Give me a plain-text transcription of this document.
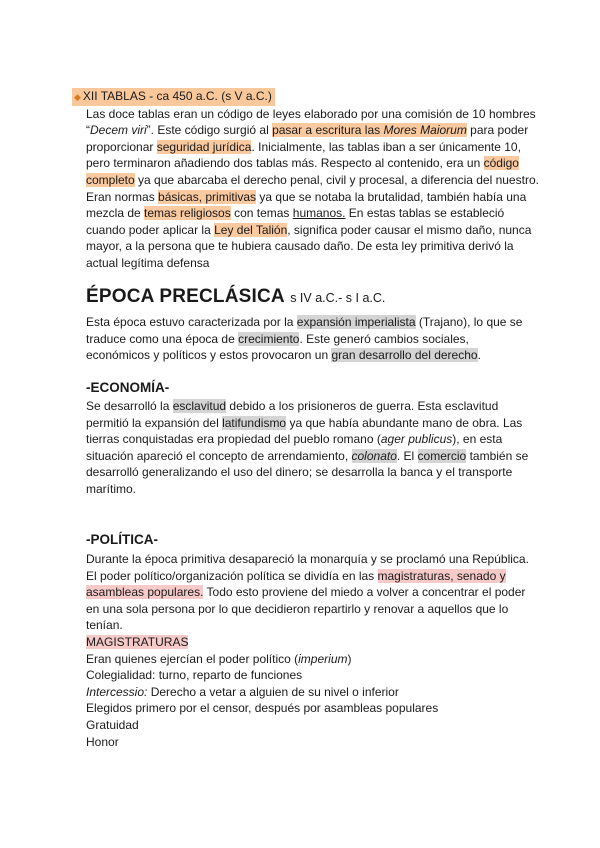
◆ XII TABLAS - ca 450 a.C. (s V a.C.)

Las doce tablas eran un código de leyes elaborado por una comisión de 10 hombres “Decem viri”. Este código surgió al pasar a escritura las Mores Maiorum para poder proporcionar seguridad jurídica. Inicialmente, las tablas iban a ser únicamente 10, pero terminaron añadiendo dos tablas más. Respecto al contenido, era un código completo ya que abarcaba el derecho penal, civil y procesal, a diferencia del nuestro. Eran normas básicas, primitivas ya que se notaba la brutalidad, también había una mezcla de temas religiosos con temas humanos. En estas tablas se estableció cuando poder aplicar la Ley del Talión, significa poder causar el mismo daño, nunca mayor, a la persona que te hubiera causado daño. De esta ley primitiva derivó la actual legítima defensa

ÉPOCA PRECLÁSICA s IV a.C.- s I a.C.

Esta época estuvo caracterizada por la expansión imperialista (Trajano), lo que se traduce como una época de crecimiento. Este generó cambios sociales, económicos y políticos y estos provocaron un gran desarrollo del derecho.

-ECONOMÍA-

Se desarrolló la esclavitud debido a los prisioneros de guerra. Esta esclavitud permitió la expansión del latifundismo ya que había abundante mano de obra. Las tierras conquistadas era propiedad del pueblo romano (ager publicus), en esta situación apareció el concepto de arrendamiento, colonato. El comercio también se desarrolló generalizando el uso del dinero; se desarrolla la banca y el transporte marítimo.

-POLÍTICA-

Durante la época primitiva desapareció la monarquía y se proclamó una República. El poder político/organización política se dividía en las magistraturas, senado y asambleas populares. Todo esto proviene del miedo a volver a concentrar el poder en una sola persona por lo que decidieron repartirlo y renovar a aquellos que lo tenían.

MAGISTRATURAS
Eran quienes ejercían el poder político (imperium)
Colegialidad: turno, reparto de funciones
Intercessio: Derecho a vetar a alguien de su nivel o inferior
Elegidos primero por el censor, después por asambleas populares
Gratuidad
Honor
